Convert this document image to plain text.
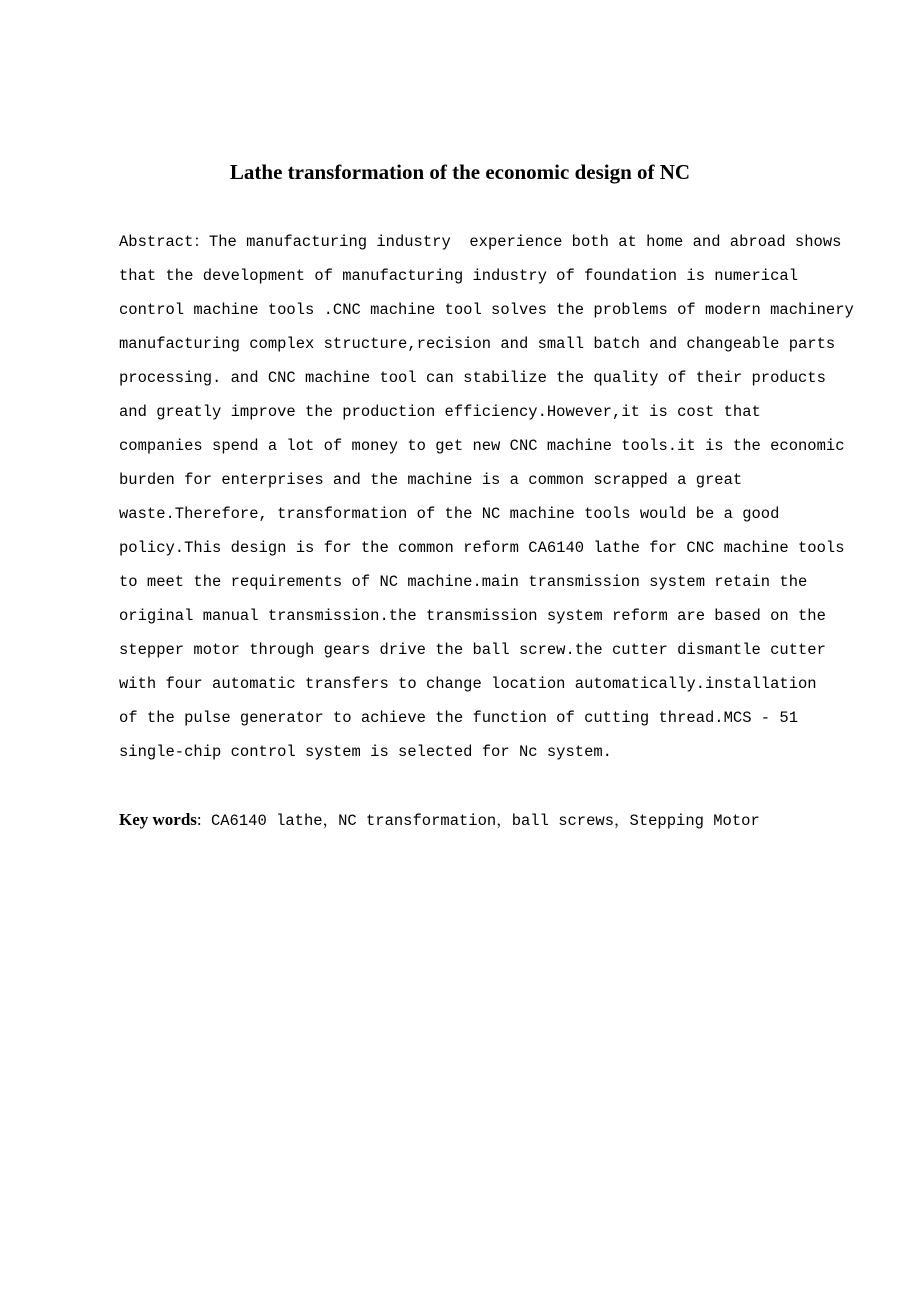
Lathe transformation of the economic design of NC
Abstract：The manufacturing industry  experience both at home and abroad shows
that the development of manufacturing industry of foundation is numerical
control machine tools .CNC machine tool solves the problems of modern machinery
manufacturing complex structure,recision and small batch and changeable parts
processing. and CNC machine tool can stabilize the quality of their products
and greatly improve the production efficiency.However,it is cost that
companies spend a lot of money to get new CNC machine tools.it is the economic
burden for enterprises and the machine is a common scrapped a great
waste.Therefore, transformation of the NC machine tools would be a good
policy.This design is for the common reform CA6140 lathe for CNC machine tools
to meet the requirements of NC machine.main transmission system retain the
original manual transmission.the transmission system reform are based on the
stepper motor through gears drive the ball screw.the cutter dismantle cutter
with four automatic transfers to change location automatically.installation
of the pulse generator to achieve the function of cutting thread.MCS - 51
single-chip control system is selected for Nc system.
Key words: CA6140 lathe，NC transformation，ball screws，Stepping Motor
